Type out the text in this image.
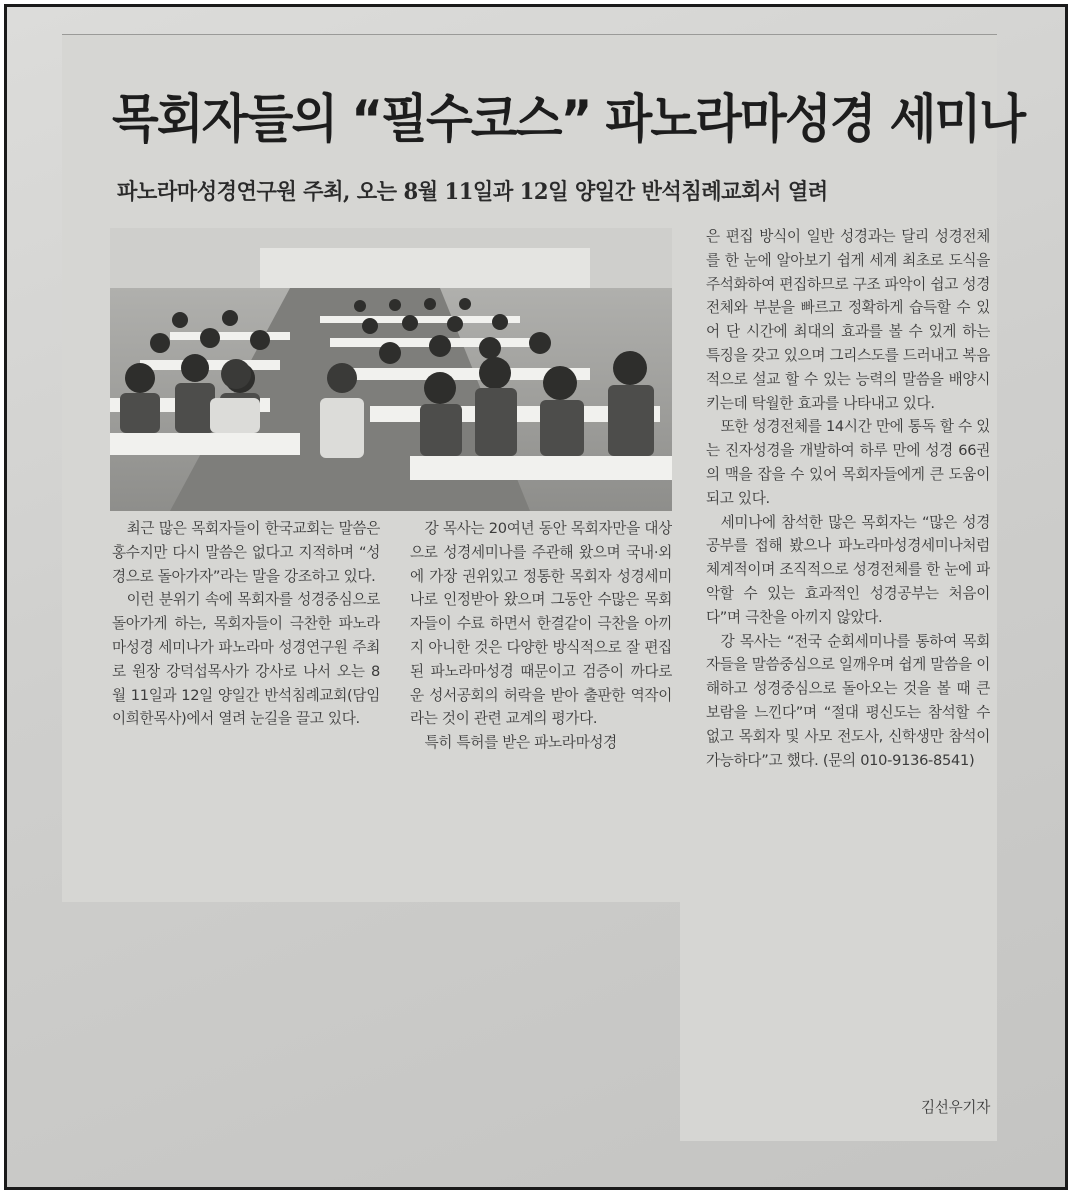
목회자들의 “필수코스” 파노라마성경 세미나
파노라마성경연구원 주최, 오는 8월 11일과 12일 양일간 반석침례교회서 열려

최근 많은 목회자들이 한국교회는 말씀은 홍수지만 다시 말씀은 없다고 지적하며 “성경으로 돌아가자”라는 말을 강조하고 있다.

이런 분위기 속에 목회자를 성경중심으로 돌아가게 하는, 목회자들이 극찬한 파노라마성경 세미나가 파노라마 성경연구원 주최로 원장 강덕섭목사가 강사로 나서 오는 8월 11일과 12일 양일간 반석침례교회(담임 이희한목사)에서 열려 눈길을 끌고 있다.

강 목사는 20여년 동안 목회자만을 대상으로 성경세미나를 주관해 왔으며 국내·외에 가장 권위있고 정통한 목회자 성경세미나로 인정받아 왔으며 그동안 수많은 목회자들이 수료 하면서 한결같이 극찬을 아끼지 아니한 것은 다양한 방식적으로 잘 편집된 파노라마성경 때문이고 검증이 까다로운 성서공회의 허락을 받아 출판한 역작이 라는 것이 관련 교계의 평가다.

특히 특허를 받은 파노라마성경

은 편집 방식이 일반 성경과는 달리 성경전체를 한 눈에 알아보기 쉽게 세계 최초로 도식을 주석화하여 편집하므로 구조 파악이 쉽고 성경 전체와 부분을 빠르고 정확하게 습득할 수 있어 단 시간에 최대의 효과를 볼 수 있게 하는 특징을 갖고 있으며 그리스도를 드러내고 복음적으로 설교 할 수 있는 능력의 말씀을 배양시키는데 탁월한 효과를 나타내고 있다.

또한 성경전체를 14시간 만에 통독 할 수 있는 진자성경을 개발하여 하루 만에 성경 66권의 맥을 잡을 수 있어 목회자들에게 큰 도움이 되고 있다.

세미나에 참석한 많은 목회자는 “많은 성경공부를 접해 봤으나 파노라마성경세미나처럼 체계적이며 조직적으로 성경전체를 한 눈에 파악할 수 있는 효과적인 성경공부는 처음이다”며 극찬을 아끼지 않았다.

강 목사는 “전국 순회세미나를 통하여 목회자들을 말씀중심으로 일깨우며 쉽게 말씀을 이해하고 성경중심으로 돌아오는 것을 볼 때 큰 보람을 느낀다”며 “절대 평신도는 참석할 수 없고 목회자 및 사모 전도사, 신학생만 참석이 가능하다”고 했다. (문의 010-9136-8541)

김선우기자
